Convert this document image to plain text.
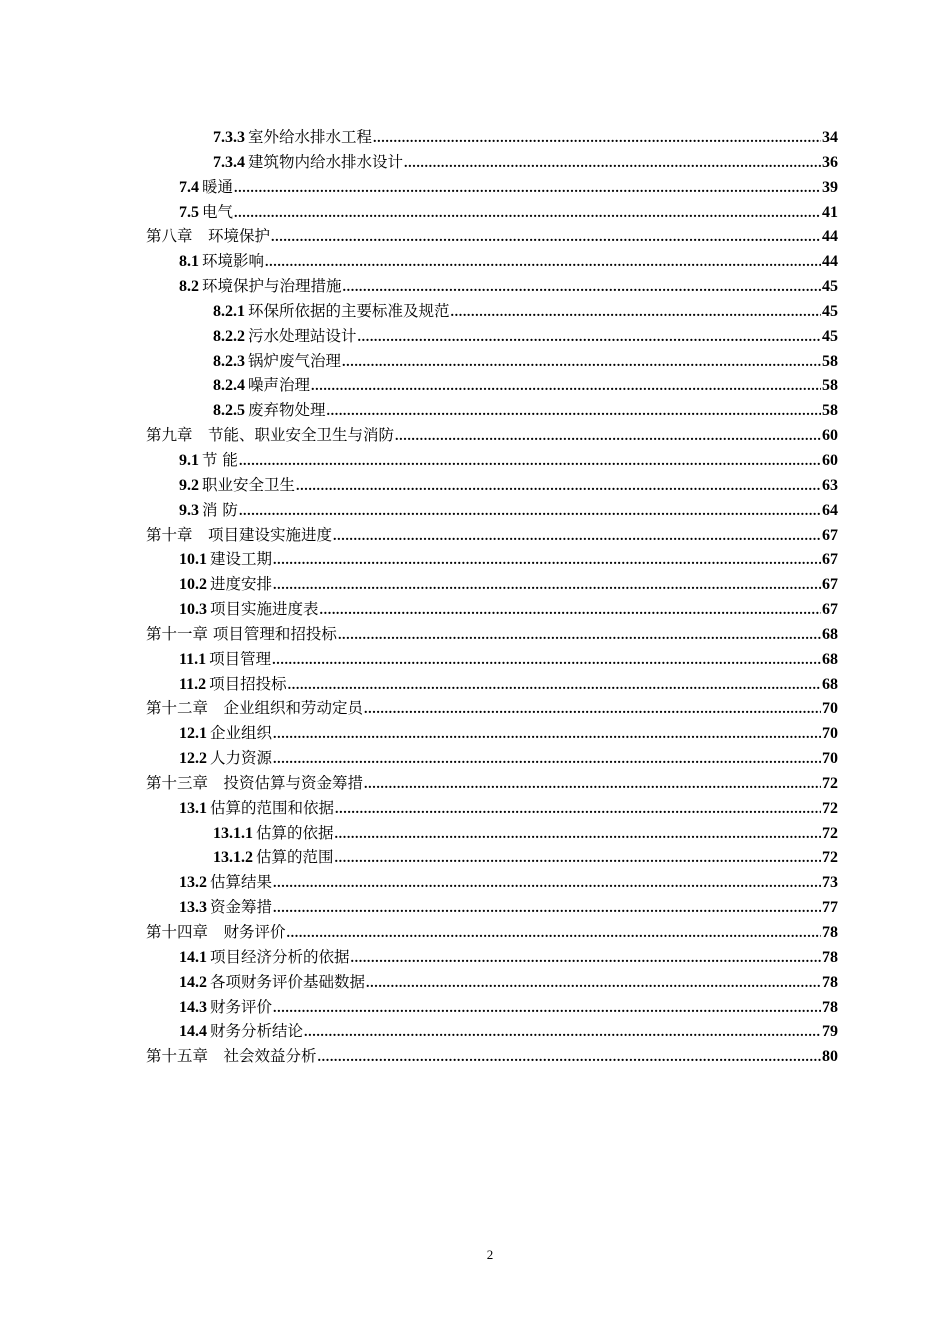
7.3.3 室外给水排水工程 .....	34
7.3.4 建筑物内给水排水设计 .....	36
7.4 暖通 .....	39
7.5 电气 .....	41
第八章　环境保护 .....	44
8.1 环境影响 .....	44
8.2 环境保护与治理措施 .....	45
8.2.1 环保所依据的主要标准及规范 .....	45
8.2.2 污水处理站设计 .....	45
8.2.3 锅炉废气治理 .....	58
8.2.4 噪声治理 .....	58
8.2.5 废弃物处理 .....	58
第九章　节能、职业安全卫生与消防 .....	60
9.1 节 能 .....	60
9.2 职业安全卫生 .....	63
9.3 消 防 .....	64
第十章　项目建设实施进度 .....	67
10.1 建设工期 .....	67
10.2 进度安排 .....	67
10.3 项目实施进度表 .....	67
第十一章 项目管理和招投标 .....	68
11.1 项目管理 .....	68
11.2 项目招投标 .....	68
第十二章　企业组织和劳动定员 .....	70
12.1 企业组织 .....	70
12.2 人力资源 .....	70
第十三章　投资估算与资金筹措 .....	72
13.1 估算的范围和依据 .....	72
13.1.1 估算的依据 .....	72
13.1.2 估算的范围 .....	72
13.2 估算结果 .....	73
13.3 资金筹措 .....	77
第十四章　财务评价 .....	78
14.1 项目经济分析的依据 .....	78
14.2 各项财务评价基础数据 .....	78
14.3 财务评价 .....	78
14.4 财务分析结论 .....	79
第十五章　社会效益分析 .....	80
2
